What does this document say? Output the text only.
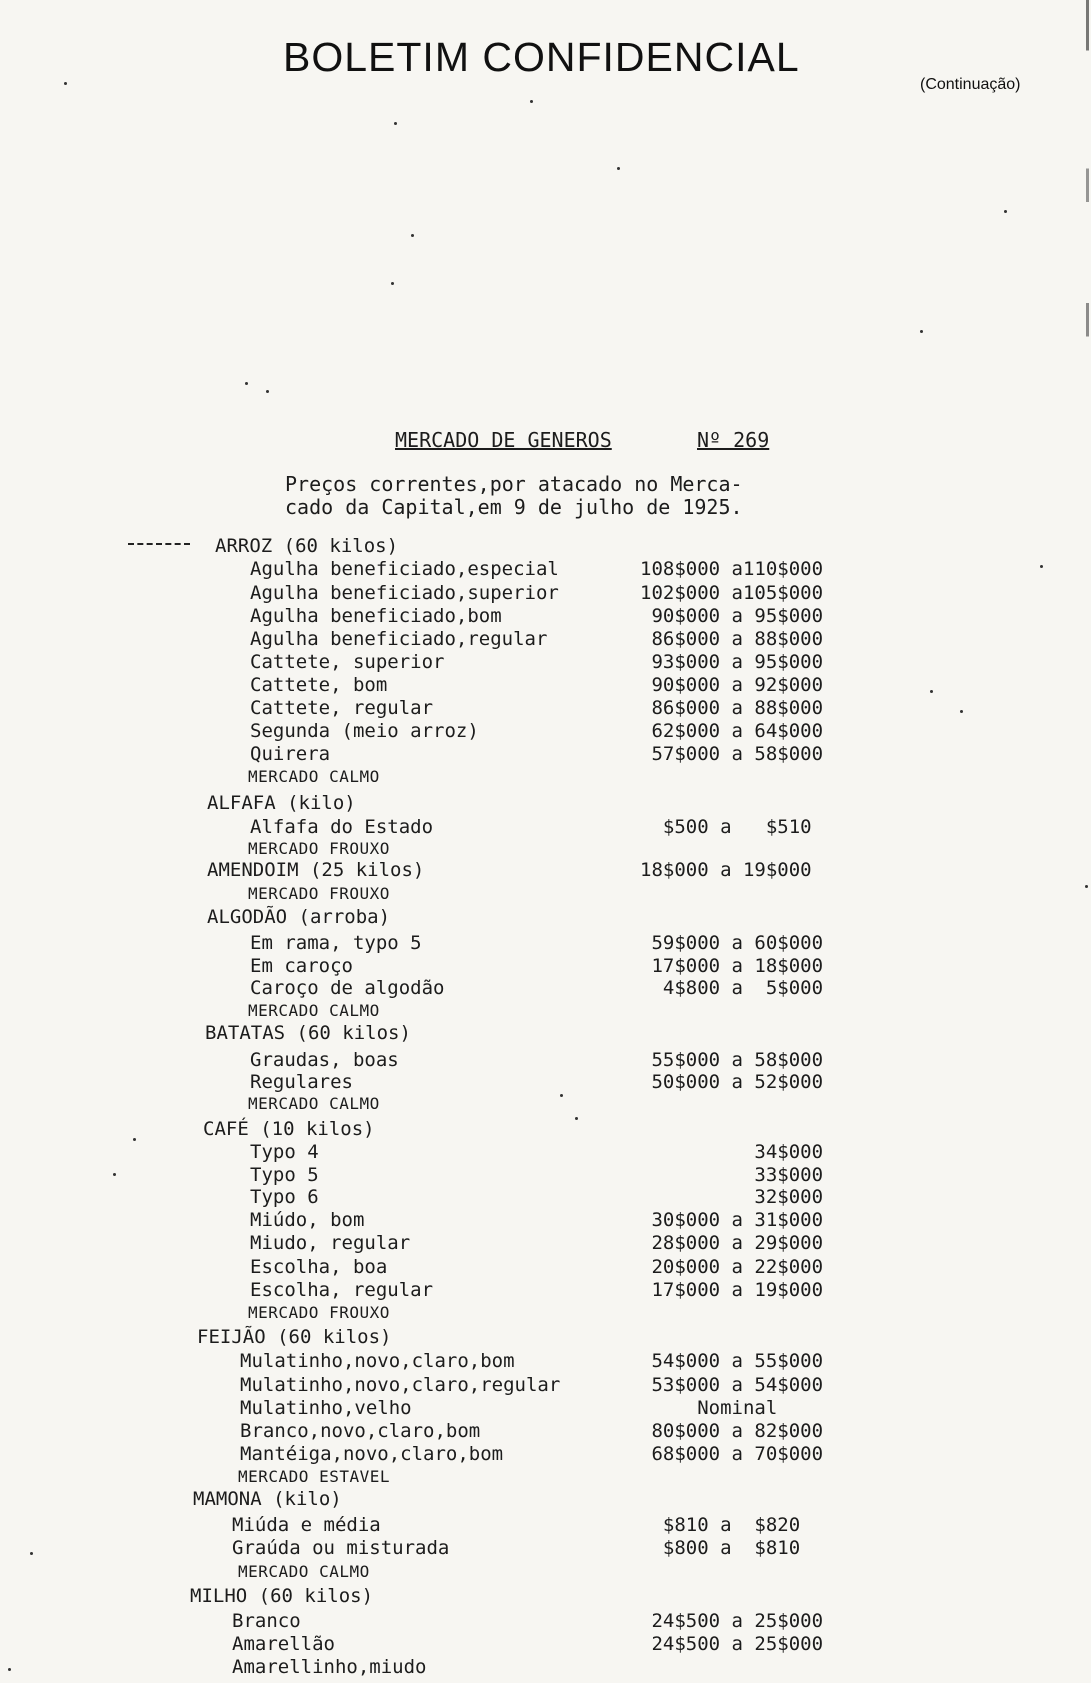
BOLETIM CONFIDENCIAL
(Continuação)
MERCADO DE GENEROS	Nº 269
Preços correntes,por atacado no Merca-
cado da Capital,em 9 de julho de 1925.
ARROZ (60 kilos)
Agulha beneficiado,especial	108$000 a110$000
Agulha beneficiado,superior	102$000 a105$000
Agulha beneficiado,bom	90$000 a 95$000
Agulha beneficiado,regular	86$000 a 88$000
Cattete, superior	93$000 a 95$000
Cattete, bom	90$000 a 92$000
Cattete, regular	86$000 a 88$000
Segunda (meio arroz)	62$000 a 64$000
Quirera	57$000 a 58$000
MERCADO CALMO
ALFAFA (kilo)
Alfafa do Estado	$500 a   $510
MERCADO FROUXO
AMENDOIM (25 kilos)	18$000 a 19$000
MERCADO FROUXO
ALGODÃO (arroba)
Em rama, typo 5	59$000 a 60$000
Em caroço	17$000 a 18$000
Caroço de algodão	4$800 a  5$000
MERCADO CALMO
BATATAS (60 kilos)
Graudas, boas	55$000 a 58$000
Regulares	50$000 a 52$000
MERCADO CALMO
CAFÉ (10 kilos)
Typo 4	34$000
Typo 5	33$000
Typo 6	32$000
Miúdo, bom	30$000 a 31$000
Miudo, regular	28$000 a 29$000
Escolha, boa	20$000 a 22$000
Escolha, regular	17$000 a 19$000
MERCADO FROUXO
FEIJÃO (60 kilos)
Mulatinho,novo,claro,bom	54$000 a 55$000
Mulatinho,novo,claro,regular	53$000 a 54$000
Mulatinho,velho	Nominal
Branco,novo,claro,bom	80$000 a 82$000
Mantéiga,novo,claro,bom	68$000 a 70$000
MERCADO ESTAVEL
MAMONA (kilo)
Miúda e média	$810 a  $820
Graúda ou misturada	$800 a  $810
MERCADO CALMO
MILHO (60 kilos)
Branco	24$500 a 25$000
Amarellão	24$500 a 25$000
Amarellinho,miudo
